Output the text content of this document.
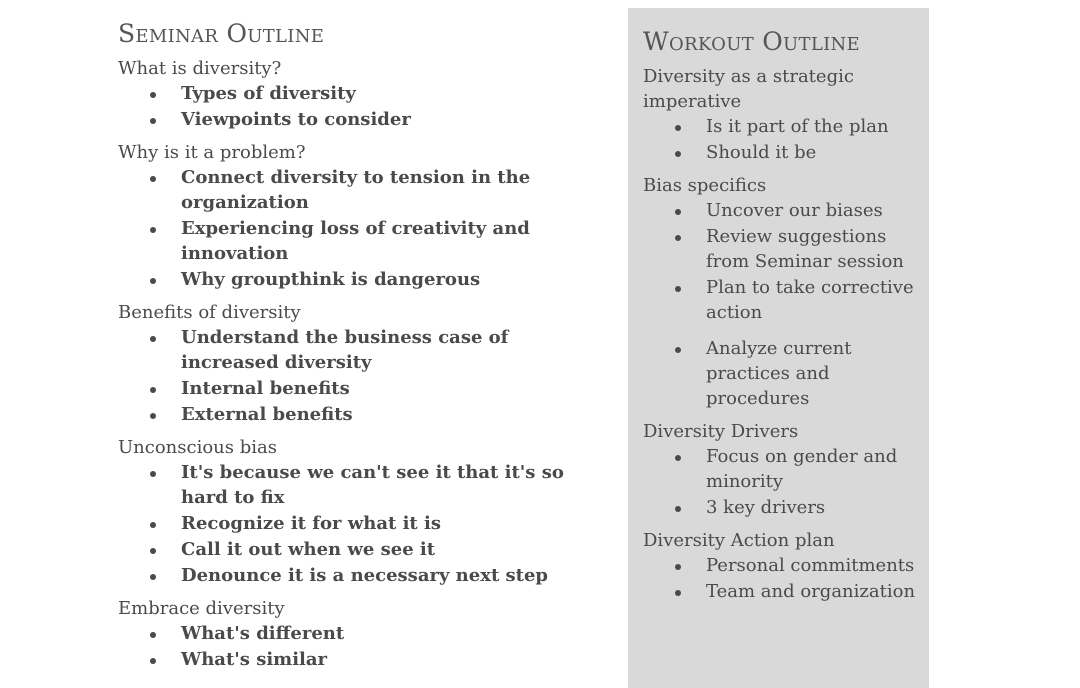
Seminar Outline

What is diversity?

Types of diversity
Viewpoints to consider

Why is it a problem?

Connect diversity to tension in the organization
Experiencing loss of creativity and innovation
Why groupthink is dangerous

Benefits of diversity

Understand the business case of increased diversity
Internal benefits
External benefits

Unconscious bias

It's because we can't see it that it's so hard to fix
Recognize it for what it is
Call it out when we see it
Denounce it is a necessary next step

Embrace diversity

What's different
What's similar
Workout Outline

Diversity as a strategic imperative

Is it part of the plan
Should it be

Bias specifics

Uncover our biases
Review suggestions from Seminar session
Plan to take corrective action
Analyze current practices and procedures

Diversity Drivers

Focus on gender and minority
3 key drivers

Diversity Action plan

Personal commitments
Team and organization
